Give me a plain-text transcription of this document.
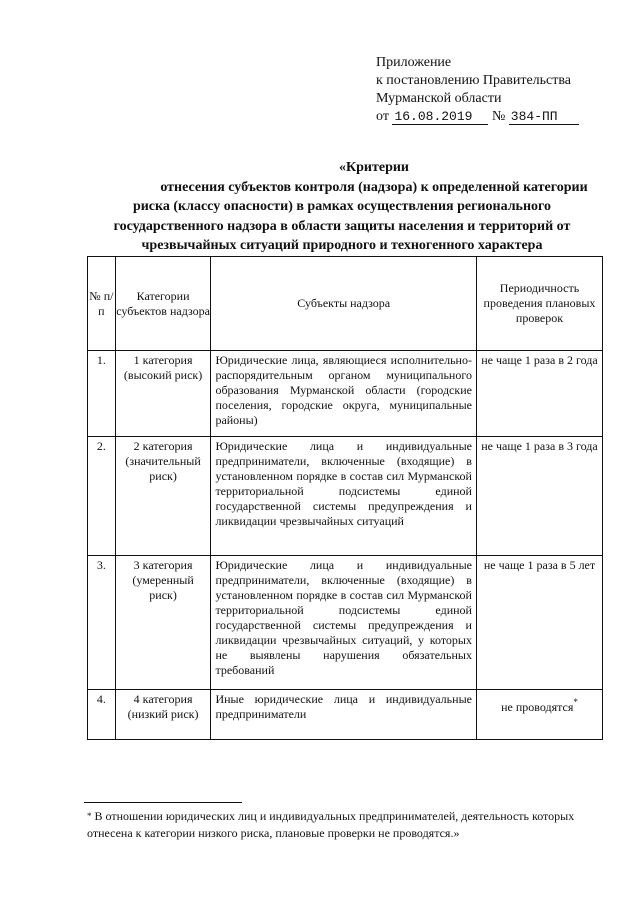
Приложение
к постановлению Правительства
Мурманской области
от 16.08.2019 № 384-ПП
«Критерии
отнесения субъектов контроля (надзора) к определенной категории
риска (классу опасности) в рамках осуществления регионального
государственного надзора в области защиты населения и территорий от
чрезвычайных ситуаций природного и техногенного характера
№ п/п	Категории субъектов надзора	Субъекты надзора	Периодичность проведения плановых проверок

1.	1 категория (высокий риск)	Юридические лица, являющиеся исполнительно-распорядительным органом муниципального образования Мурманской области (городские поселения, городские округа, муниципальные районы)	не чаще 1 раза в 2 года

2.	2 категория (значительный риск)	Юридические лица и индивидуальные предприниматели, включенные (входящие) в установленном порядке в состав сил Мурманской территориальной подсистемы единой государственной системы предупреждения и ликвидации чрезвычайных ситуаций	не чаще 1 раза в 3 года

3.	3 категория (умеренный риск)	Юридические лица и индивидуальные предприниматели, включенные (входящие) в установленном порядке в состав сил Мурманской территориальной подсистемы единой государственной системы предупреждения и ликвидации чрезвычайных ситуаций, у которых не выявлены нарушения обязательных требований	не чаще 1 раза в 5 лет

4.	4 категория (низкий риск)	Иные юридические лица и индивидуальные предприниматели	не проводятся*
* В отношении юридических лиц и индивидуальных предпринимателей, деятельность которых отнесена к категории низкого риска, плановые проверки не проводятся.»
